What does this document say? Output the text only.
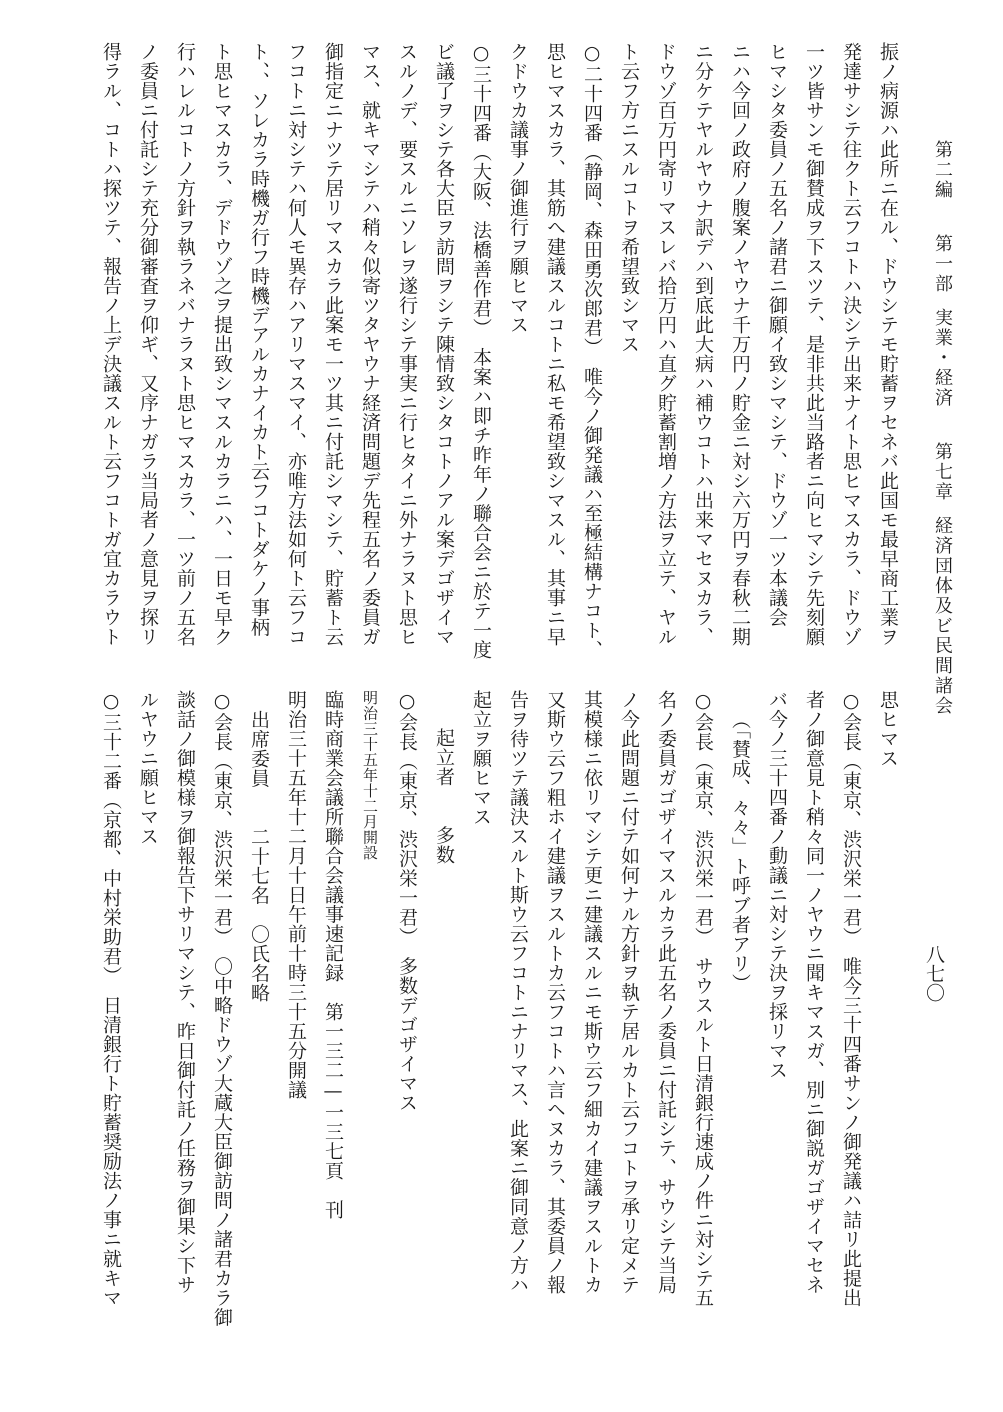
第二編第一部実業・経済第七章経済団体及ビ民間諸会
八七〇
振ノ病源ハ此所ニ在ル、ドウシテモ貯蓄ヲセネバ此国モ最早商工業ヲ
発達サシテ往クト云フコトハ決シテ出来ナイト思ヒマスカラ、ドウゾ
一ツ皆サンモ御賛成ヲ下スツテ、是非共此当路者ニ向ヒマシテ先刻願
ヒマシタ委員ノ五名ノ諸君ニ御願イ致シマシテ、ドウゾ一ツ本議会
ニハ今回ノ政府ノ腹案ノヤウナ千万円ノ貯金ニ対シ六万円ヲ春秋二期
ニ分ケテヤルヤウナ訳デハ到底此大病ハ補ウコトハ出来マセヌカラ、
ドウゾ百万円寄リマスレバ拾万円ハ直グ貯蓄割増ノ方法ヲ立テ、ヤル
ト云フ方ニスルコトヲ希望致シマス
○二十四番（静岡、森田勇次郎君）　唯今ノ御発議ハ至極結構ナコト、
思ヒマスカラ、其筋へ建議スルコトニ私モ希望致シマスル、其事ニ早
クドウカ議事ノ御進行ヲ願ヒマス
○三十四番（大阪、法橋善作君）　本案ハ即チ昨年ノ聯合会ニ於テ一度
ビ議了ヲシテ各大臣ヲ訪問ヲシテ陳情致シタコトノアル案デゴザイマ
スルノデ、要スルニソレヲ遂行シテ事実ニ行ヒタイニ外ナラヌト思ヒ
マス、就キマシテハ稍々似寄ツタヤウナ経済問題デ先程五名ノ委員ガ
御指定ニナツテ居リマスカラ此案モ一ツ其ニ付託シマシテ、貯蓄ト云
フコトニ対シテハ何人モ異存ハアリマスマイ、亦唯方法如何ト云フコ
ト、、ソレカラ時機ガ行フ時機デアルカナイカト云フコトダケノ事柄
ト思ヒマスカラ、デドウゾ之ヲ提出致シマスルカラニハ、一日モ早ク
行ハレルコトノ方針ヲ執ラネバナラヌト思ヒマスカラ、一ツ前ノ五名
ノ委員ニ付託シテ充分御審査ヲ仰ギ、又序ナガラ当局者ノ意見ヲ探リ
得ラル、コトハ探ツテ、報告ノ上デ決議スルト云フコトガ宜カラウト
思ヒマス
○会長（東京、渋沢栄一君）　唯今三十四番サンノ御発議ハ詰リ此提出
者ノ御意見ト稍々同一ノヤウニ聞キマスガ、別ニ御説ガゴザイマセネ
バ今ノ三十四番ノ動議ニ対シテ決ヲ採リマス
（「賛成、々々」ト呼ブ者アリ）
○会長（東京、渋沢栄一君）　サウスルト日清銀行速成ノ件ニ対シテ五
名ノ委員ガゴザイマスルカラ此五名ノ委員ニ付託シテ、サウシテ当局
ノ今此問題ニ付テ如何ナル方針ヲ執テ居ルカト云フコトヲ承リ定メテ
其模様ニ依リマシテ更ニ建議スルニモ斯ウ云フ細カイ建議ヲスルトカ
又斯ウ云フ粗ホイ建議ヲスルトカ云フコトハ言ヘヌカラ、其委員ノ報
告ヲ待ツテ議決スルト斯ウ云フコトニナリマス、此案ニ御同意ノ方ハ
起立ヲ願ヒマス
起立者　　多数
○会長（東京、渋沢栄一君）　多数デゴザイマス
明治三十五年十二月開設
臨時商業会議所聯合会議事速記録　第一三二—一三七頁　刊
明治三十五年十二月十日午前十時三十五分開議
出席委員　　二十七名　〇氏名略
○会長（東京、渋沢栄一君）　〇中略ドウゾ大蔵大臣御訪問ノ諸君カラ御
談話ノ御模様ヲ御報告下サリマシテ、昨日御付託ノ任務ヲ御果シ下サ
ルヤウニ願ヒマス
○三十二番（京都、中村栄助君）　日清銀行ト貯蓄奨励法ノ事ニ就キマ
